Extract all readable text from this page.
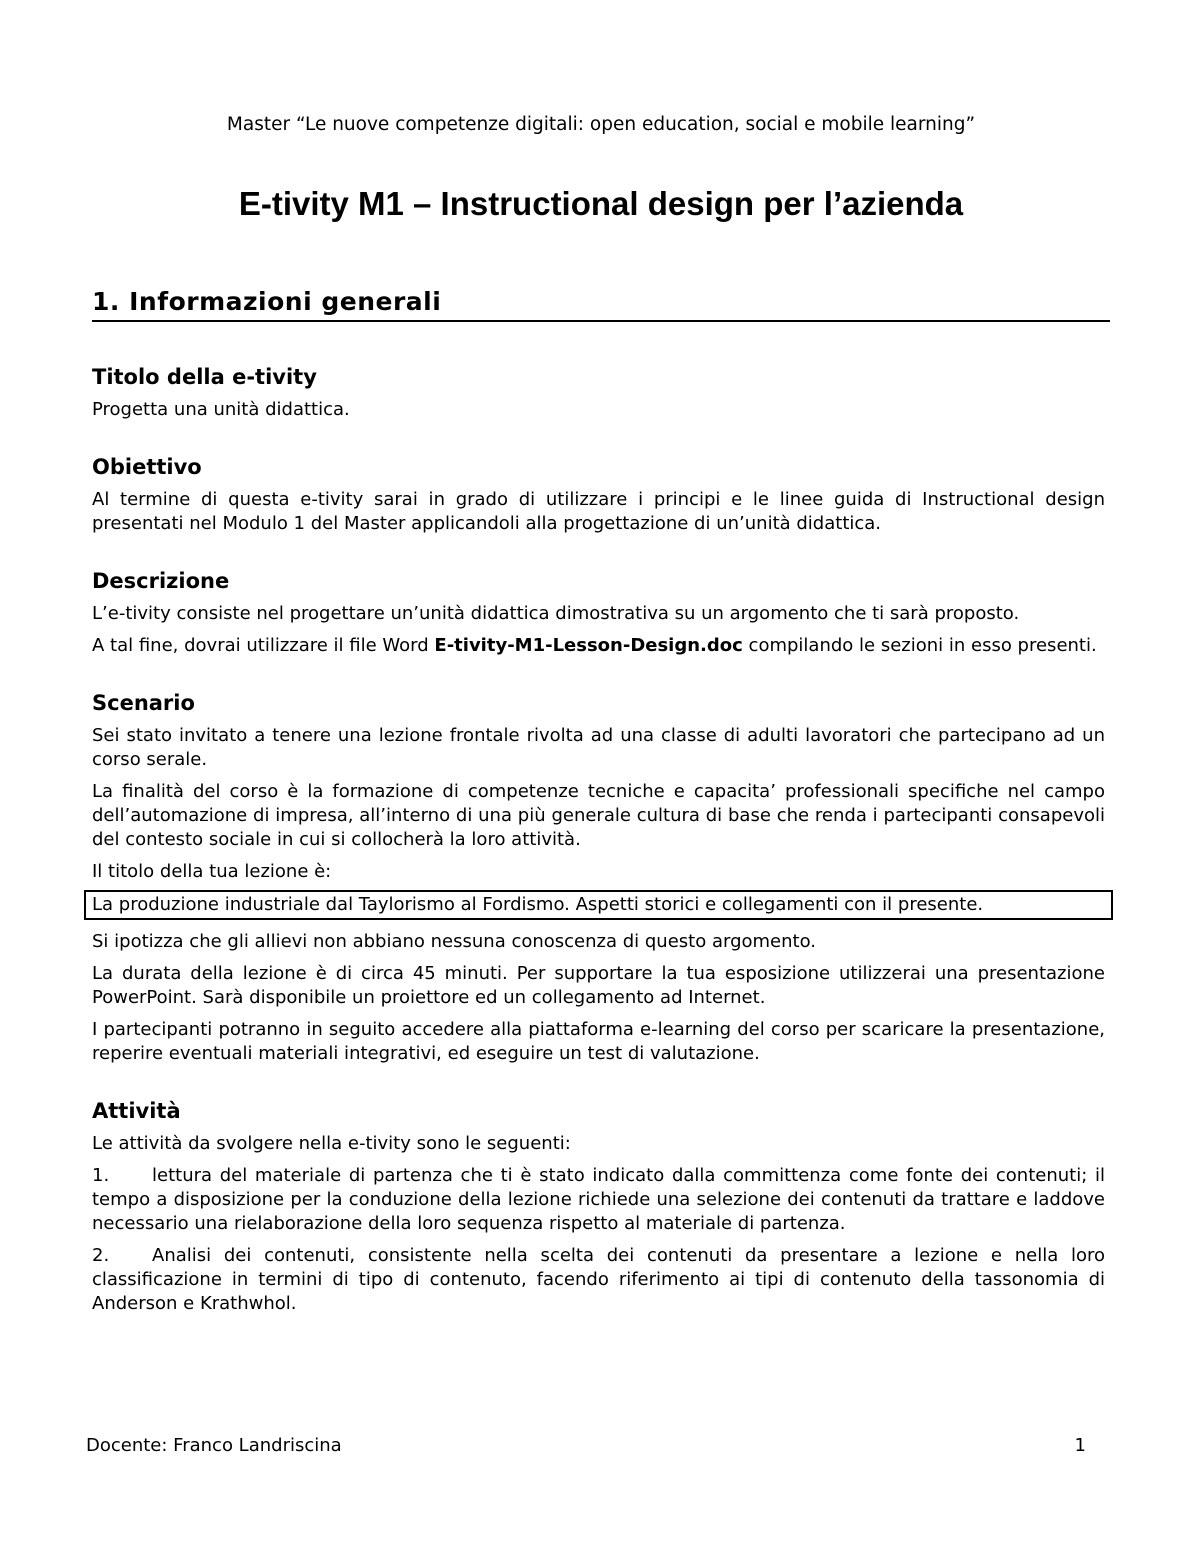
Master “Le nuove competenze digitali: open education, social e mobile learning”
E-tivity M1 – Instructional design per l’azienda
1. Informazioni generali
Titolo della e-tivity

Progetta una unità didattica.

Obiettivo

Al termine di questa e-tivity sarai in grado di utilizzare i principi e le linee guida di Instructional design presentati nel Modulo 1 del Master applicandoli alla progettazione di un’unità didattica.

Descrizione

L’e-tivity consiste nel progettare un’unità didattica dimostrativa su un argomento che ti sarà proposto.

A tal fine, dovrai utilizzare il file Word E-tivity-M1-Lesson-Design.doc compilando le sezioni in esso presenti.

Scenario

Sei stato invitato a tenere una lezione frontale rivolta ad una classe di adulti lavoratori che partecipano ad un corso serale.

La finalità del corso è la formazione di competenze tecniche e capacita’ professionali specifiche nel campo dell’automazione di impresa, all’interno di una più generale cultura di base che renda i partecipanti consapevoli del contesto sociale in cui si collocherà la loro attività.

Il titolo della tua lezione è:

La produzione industriale dal Taylorismo al Fordismo. Aspetti storici e collegamenti con il presente.

Si ipotizza che gli allievi non abbiano nessuna conoscenza di questo argomento.

La durata della lezione è di circa 45 minuti. Per supportare la tua esposizione utilizzerai una presentazione PowerPoint. Sarà disponibile un proiettore ed un collegamento ad Internet.

I partecipanti potranno in seguito accedere alla piattaforma e-learning del corso per scaricare la presentazione, reperire eventuali materiali integrativi, ed eseguire un test di valutazione.

Attività

Le attività da svolgere nella e-tivity sono le seguenti:

1. lettura del materiale di partenza che ti è stato indicato dalla committenza come fonte dei contenuti; il tempo a disposizione per la conduzione della lezione richiede una selezione dei contenuti da trattare e laddove necessario una rielaborazione della loro sequenza rispetto al materiale di partenza.

2. Analisi dei contenuti, consistente nella scelta dei contenuti da presentare a lezione e nella loro classificazione in termini di tipo di contenuto, facendo riferimento ai tipi di contenuto della tassonomia di Anderson e Krathwhol.

Docente: Franco Landriscina	1
